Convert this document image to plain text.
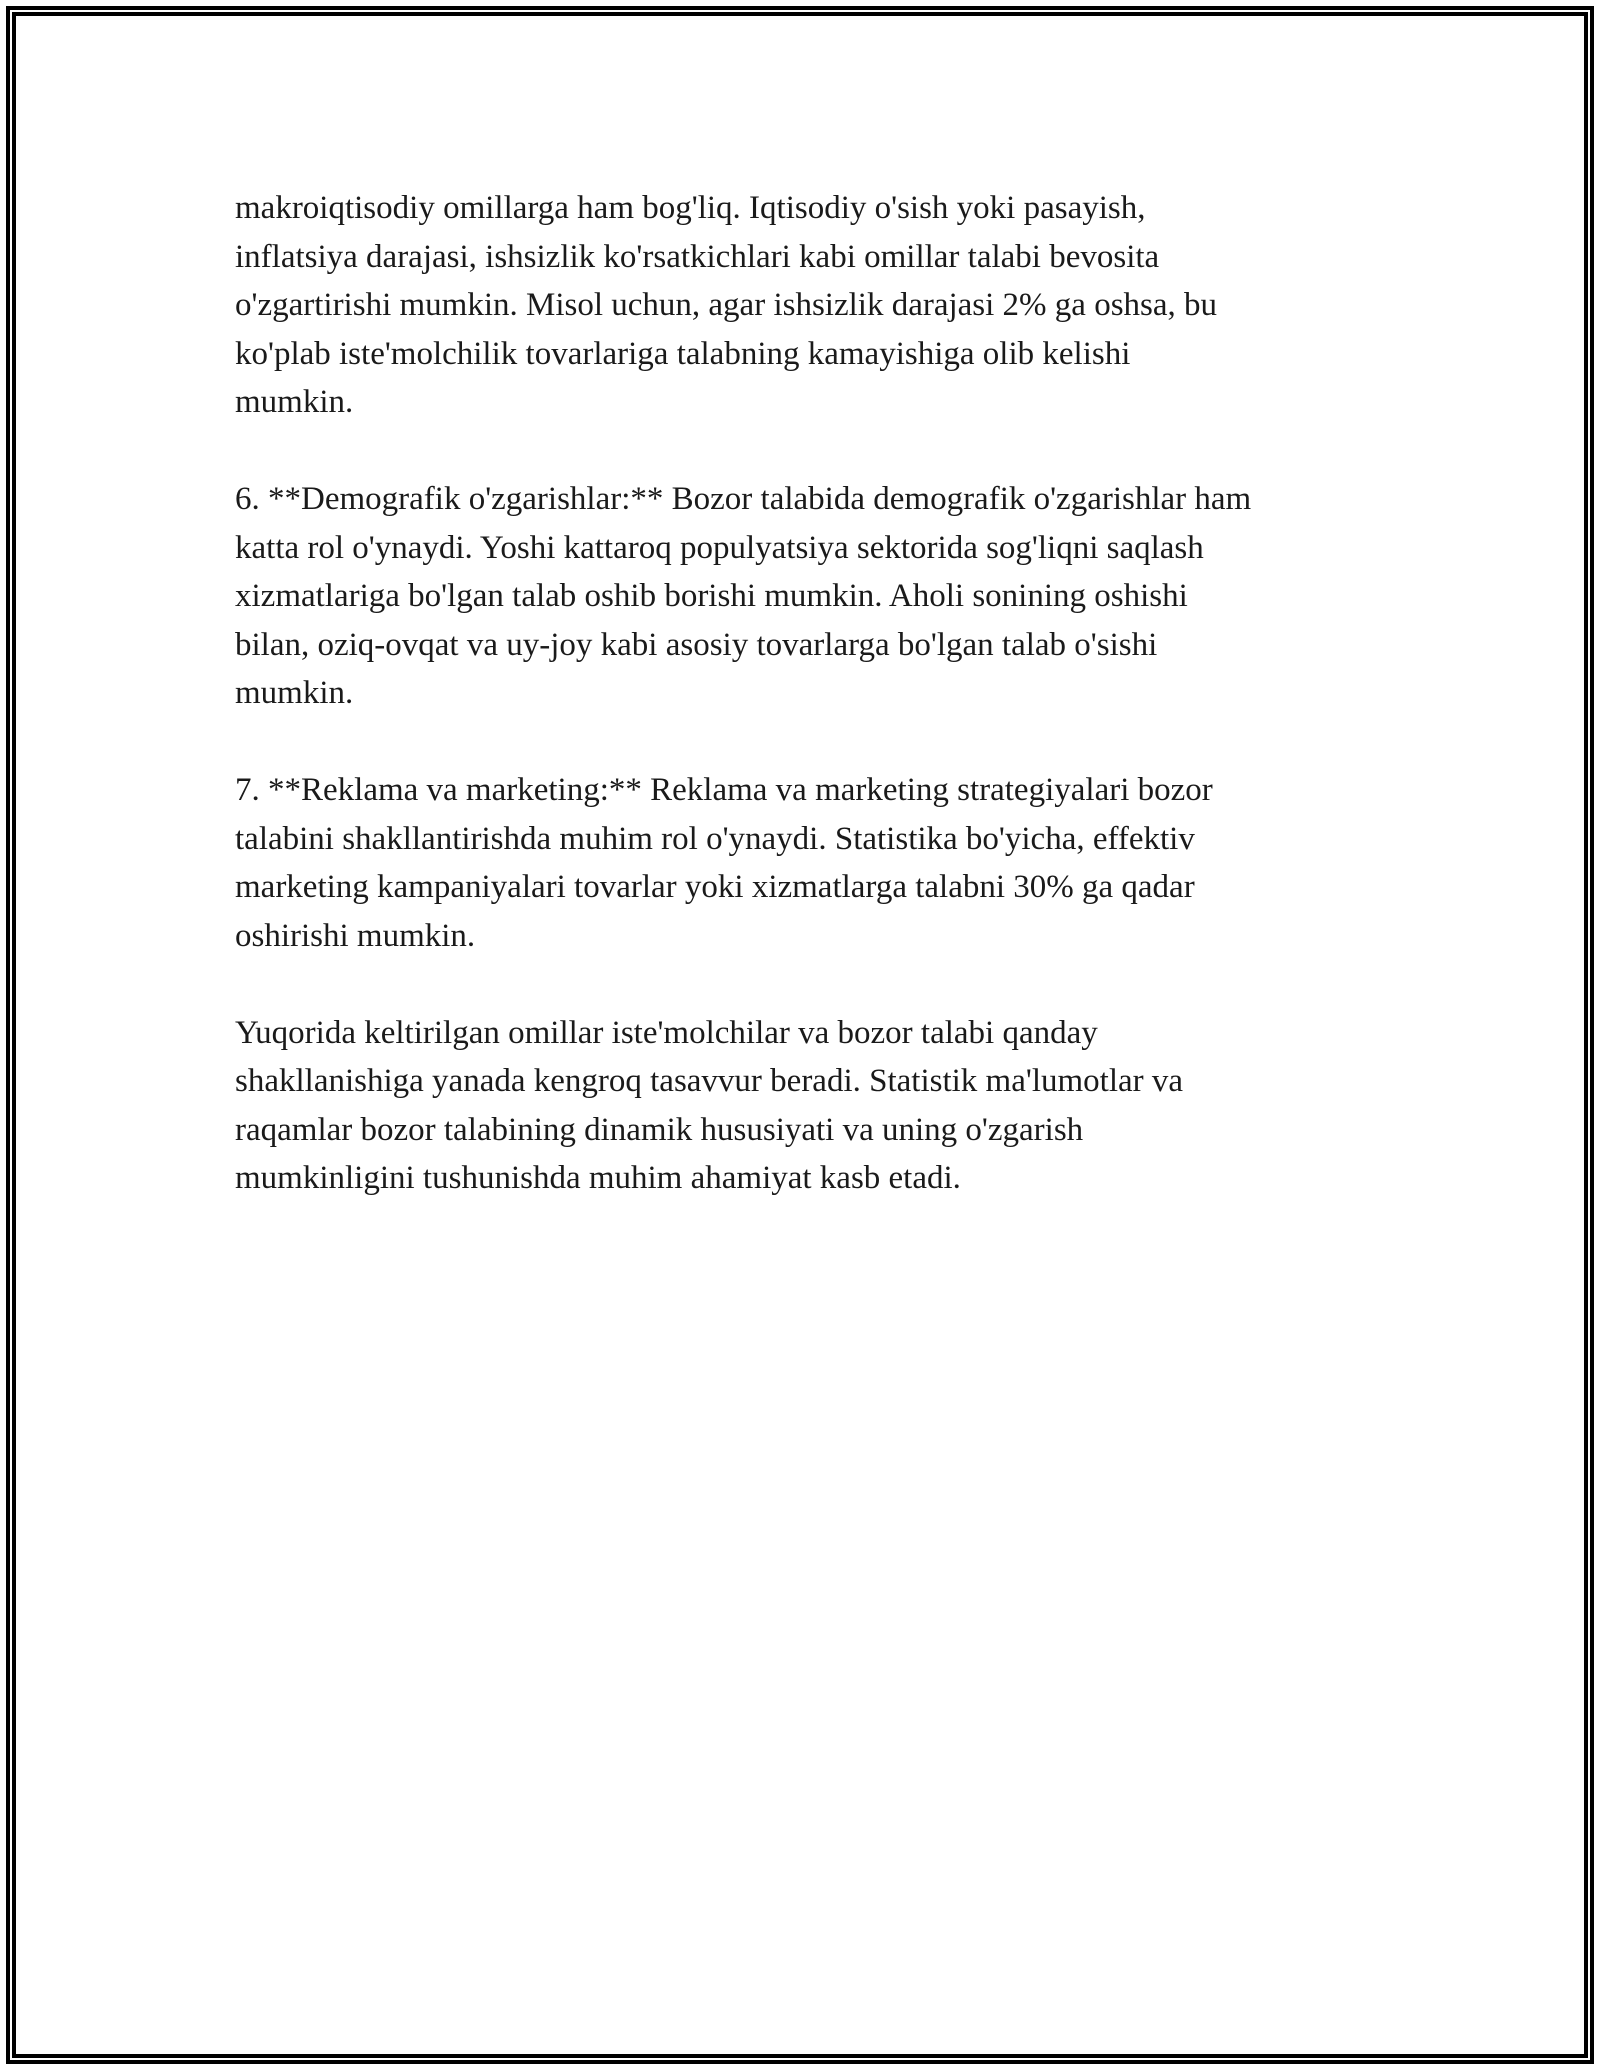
makroiqtisodiy omillarga ham bog'liq. Iqtisodiy o'sish yoki pasayish,
inflatsiya darajasi, ishsizlik ko'rsatkichlari kabi omillar talabi bevosita
o'zgartirishi mumkin. Misol uchun, agar ishsizlik darajasi 2% ga oshsa, bu
ko'plab iste'molchilik tovarlariga talabning kamayishiga olib kelishi
mumkin.

6. **Demografik o'zgarishlar:** Bozor talabida demografik o'zgarishlar ham
katta rol o'ynaydi. Yoshi kattaroq populyatsiya sektorida sog'liqni saqlash
xizmatlariga bo'lgan talab oshib borishi mumkin. Aholi sonining oshishi
bilan, oziq-ovqat va uy-joy kabi asosiy tovarlarga bo'lgan talab o'sishi
mumkin.

7. **Reklama va marketing:** Reklama va marketing strategiyalari bozor
talabini shakllantirishda muhim rol o'ynaydi. Statistika bo'yicha, effektiv
marketing kampaniyalari tovarlar yoki xizmatlarga talabni 30% ga qadar
oshirishi mumkin.

Yuqorida keltirilgan omillar iste'molchilar va bozor talabi qanday
shakllanishiga yanada kengroq tasavvur beradi. Statistik ma'lumotlar va
raqamlar bozor talabining dinamik hususiyati va uning o'zgarish
mumkinligini tushunishda muhim ahamiyat kasb etadi.
